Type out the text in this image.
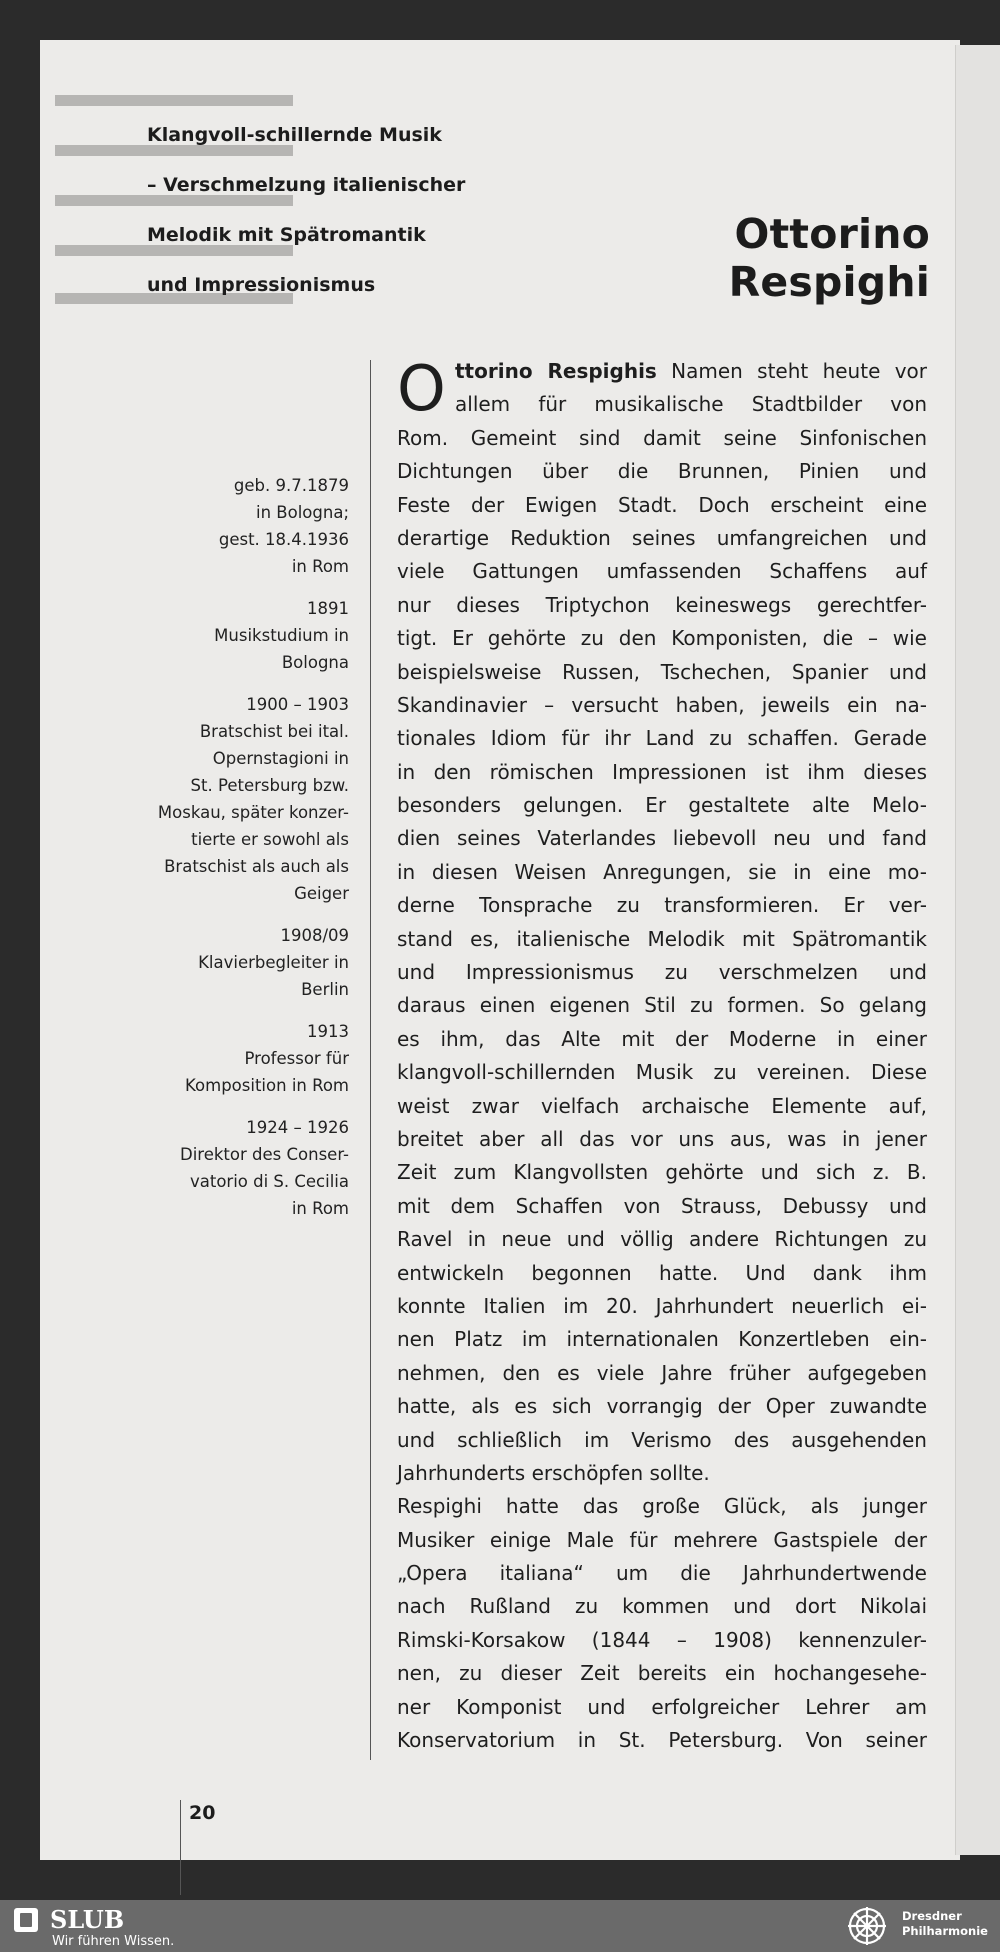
Klangvoll-schillernde Musik
– Verschmelzung italienischer
Melodik mit Spätromantik
und Impressionismus
Ottorino Respighi
geb. 9.7.1879
in Bologna;
gest. 18.4.1936
in Rom
1891
Musikstudium in
Bologna
1900 – 1903
Bratschist bei ital.
Opernstagioni in
St. Petersburg bzw.
Moskau, später konzer-
tierte er sowohl als
Bratschist als auch als
Geiger
1908/09
Klavierbegleiter in
Berlin
1913
Professor für
Komposition in Rom
1924 – 1926
Direktor des Conser-
vatorio di S. Cecilia
in Rom
O ttorino Respighis Namen steht heute vor
allem für musikalische Stadtbilder von
Rom. Gemeint sind damit seine Sinfonischen
Dichtungen über die Brunnen, Pinien und
Feste der Ewigen Stadt. Doch erscheint eine
derartige Reduktion seines umfangreichen und
viele Gattungen umfassenden Schaffens auf
nur dieses Triptychon keineswegs gerechtfer-
tigt. Er gehörte zu den Komponisten, die – wie
beispielsweise Russen, Tschechen, Spanier und
Skandinavier – versucht haben, jeweils ein na-
tionales Idiom für ihr Land zu schaffen. Gerade
in den römischen Impressionen ist ihm dieses
besonders gelungen. Er gestaltete alte Melo-
dien seines Vaterlandes liebevoll neu und fand
in diesen Weisen Anregungen, sie in eine mo-
derne Tonsprache zu transformieren. Er ver-
stand es, italienische Melodik mit Spätromantik
und Impressionismus zu verschmelzen und
daraus einen eigenen Stil zu formen. So gelang
es ihm, das Alte mit der Moderne in einer
klangvoll-schillernden Musik zu vereinen. Diese
weist zwar vielfach archaische Elemente auf,
breitet aber all das vor uns aus, was in jener
Zeit zum Klangvollsten gehörte und sich z. B.
mit dem Schaffen von Strauss, Debussy und
Ravel in neue und völlig andere Richtungen zu
entwickeln begonnen hatte. Und dank ihm
konnte Italien im 20. Jahrhundert neuerlich ei-
nen Platz im internationalen Konzertleben ein-
nehmen, den es viele Jahre früher aufgegeben
hatte, als es sich vorrangig der Oper zuwandte
und schließlich im Verismo des ausgehenden
Jahrhunderts erschöpfen sollte.
Respighi hatte das große Glück, als junger
Musiker einige Male für mehrere Gastspiele der
„Opera italiana“ um die Jahrhundertwende
nach Rußland zu kommen und dort Nikolai
Rimski-Korsakow (1844 – 1908) kennenzuler-
nen, zu dieser Zeit bereits ein hochangesehe-
ner Komponist und erfolgreicher Lehrer am
Konservatorium in St. Petersburg. Von seiner
20
SLUB
Wir führen Wissen.
Dresdner
Philharmonie
